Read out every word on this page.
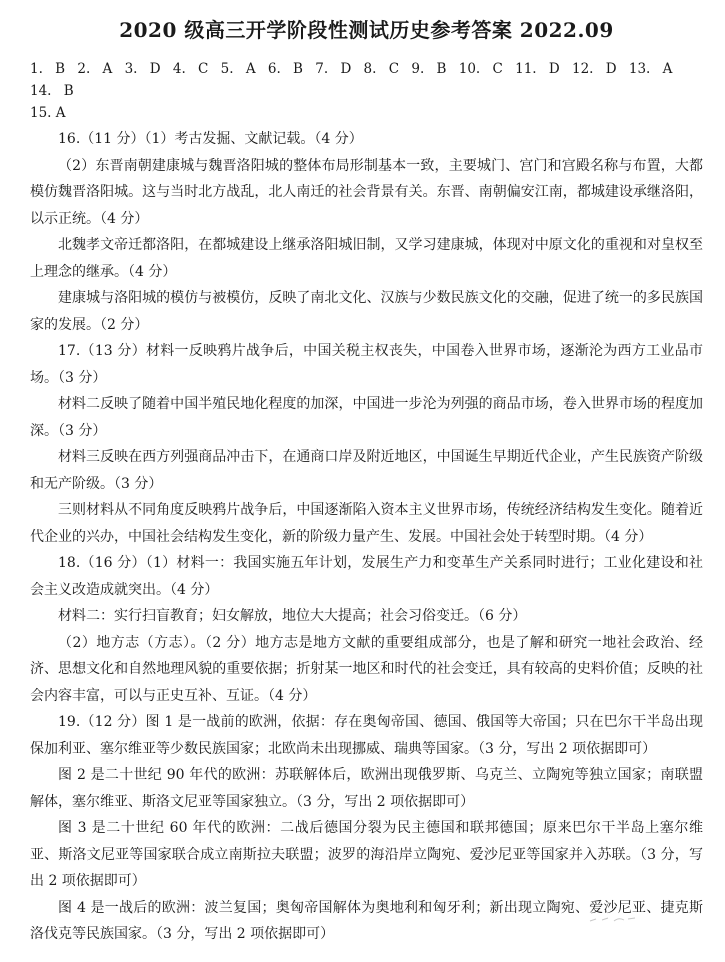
2020 级高三开学阶段性测试历史参考答案 2022.09
1. B 2. A 3. D 4. C 5. A 6. B 7. D 8. C 9. B 10. C 11. D 12. D 13. A 14. B
15. A

16.（11 分）（1）考古发掘、文献记载。（4 分）

（2）东晋南朝建康城与魏晋洛阳城的整体布局形制基本一致，主要城门、宫门和宫殿名称与布置，大都模仿魏晋洛阳城。这与当时北方战乱，北人南迁的社会背景有关。东晋、南朝偏安江南，都城建设承继洛阳，以示正统。（4 分）

北魏孝文帝迁都洛阳，在都城建设上继承洛阳城旧制，又学习建康城，体现对中原文化的重视和对皇权至上理念的继承。（4 分）

建康城与洛阳城的模仿与被模仿，反映了南北文化、汉族与少数民族文化的交融，促进了统一的多民族国家的发展。（2 分）

17.（13 分）材料一反映鸦片战争后，中国关税主权丧失，中国卷入世界市场，逐渐沦为西方工业品市场。（3 分）

材料二反映了随着中国半殖民地化程度的加深，中国进一步沦为列强的商品市场，卷入世界市场的程度加深。（3 分）

材料三反映在西方列强商品冲击下，在通商口岸及附近地区，中国诞生早期近代企业，产生民族资产阶级和无产阶级。（3 分）

三则材料从不同角度反映鸦片战争后，中国逐渐陷入资本主义世界市场，传统经济结构发生变化。随着近代企业的兴办，中国社会结构发生变化，新的阶级力量产生、发展。中国社会处于转型时期。（4 分）

18.（16 分）（1）材料一：我国实施五年计划，发展生产力和变革生产关系同时进行；工业化建设和社会主义改造成就突出。（4 分）

材料二：实行扫盲教育；妇女解放，地位大大提高；社会习俗变迁。（6 分）

（2）地方志（方志）。（2 分）地方志是地方文献的重要组成部分，也是了解和研究一地社会政治、经济、思想文化和自然地理风貌的重要依据；折射某一地区和时代的社会变迁，具有较高的史料价值；反映的社会内容丰富，可以与正史互补、互证。（4 分）

19.（12 分）图 1 是一战前的欧洲，依据：存在奥匈帝国、德国、俄国等大帝国；只在巴尔干半岛出现保加利亚、塞尔维亚等少数民族国家；北欧尚未出现挪威、瑞典等国家。（3 分，写出 2 项依据即可）

图 2 是二十世纪 90 年代的欧洲：苏联解体后，欧洲出现俄罗斯、乌克兰、立陶宛等独立国家；南联盟解体，塞尔维亚、斯洛文尼亚等国家独立。（3 分，写出 2 项依据即可）

图 3 是二十世纪 60 年代的欧洲：二战后德国分裂为民主德国和联邦德国；原来巴尔干半岛上塞尔维亚、斯洛文尼亚等国家联合成立南斯拉夫联盟；波罗的海沿岸立陶宛、爱沙尼亚等国家并入苏联。（3 分，写出 2 项依据即可）

图 4 是一战后的欧洲：波兰复国；奥匈帝国解体为奥地利和匈牙利；新出现立陶宛、爱沙尼亚、捷克斯洛伐克等民族国家。（3 分，写出 2 项依据即可）
